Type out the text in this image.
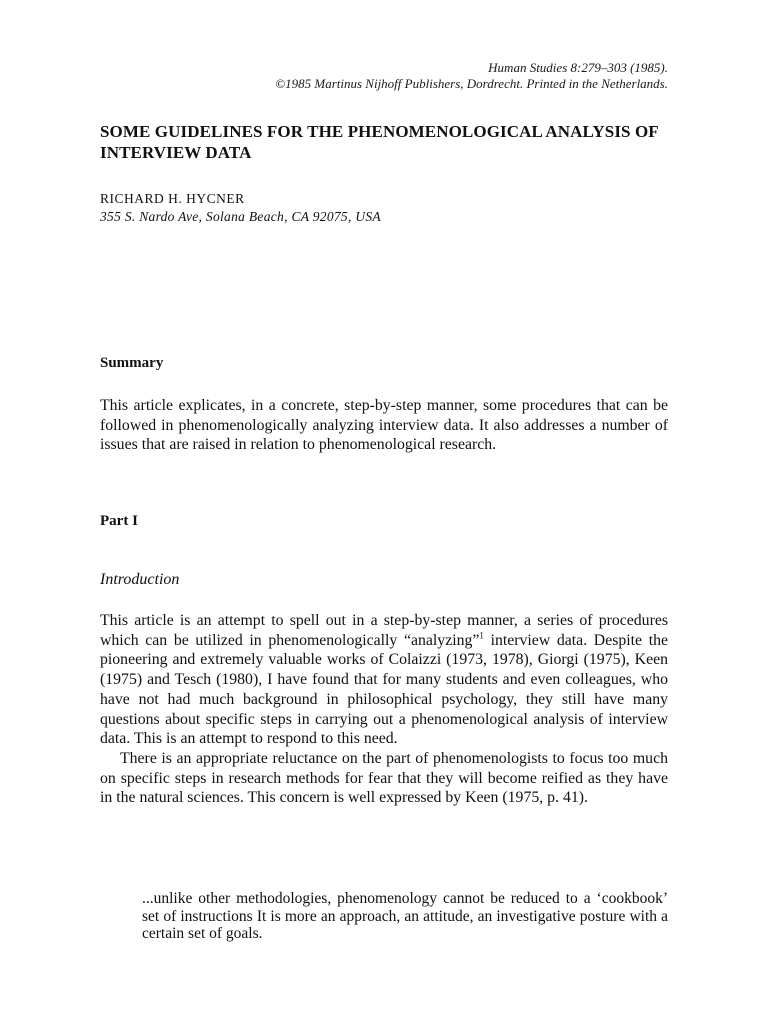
Human Studies 8:279–303 (1985).
©1985 Martinus Nijhoff Publishers, Dordrecht. Printed in the Netherlands.
SOME GUIDELINES FOR THE PHENOMENOLOGICAL ANALYSIS OF INTERVIEW DATA
RICHARD H. HYCNER
355 S. Nardo Ave, Solana Beach, CA 92075, USA
Summary
This article explicates, in a concrete, step-by-step manner, some procedures that can be followed in phenomenologically analyzing interview data. It also addresses a number of issues that are raised in relation to phenomenological research.
Part I
Introduction

This article is an attempt to spell out in a step-by-step manner, a series of procedures which can be utilized in phenomenologically “analyzing”$^1$ interview data. Despite the pioneering and extremely valuable works of Colaizzi (1973, 1978), Giorgi (1975), Keen (1975) and Tesch (1980), I have found that for many students and even colleagues, who have not had much background in philosophical psychology, they still have many questions about specific steps in carrying out a phenomenological analysis of interview data. This is an attempt to respond to this need.

There is an appropriate reluctance on the part of phenomenologists to focus too much on specific steps in research methods for fear that they will become reified as they have in the natural sciences. This concern is well expressed by Keen (1975, p. 41).

...unlike other methodologies, phenomenology cannot be reduced to a ‘cookbook’ set of instructions It is more an approach, an attitude, an investigative posture with a certain set of goals.
